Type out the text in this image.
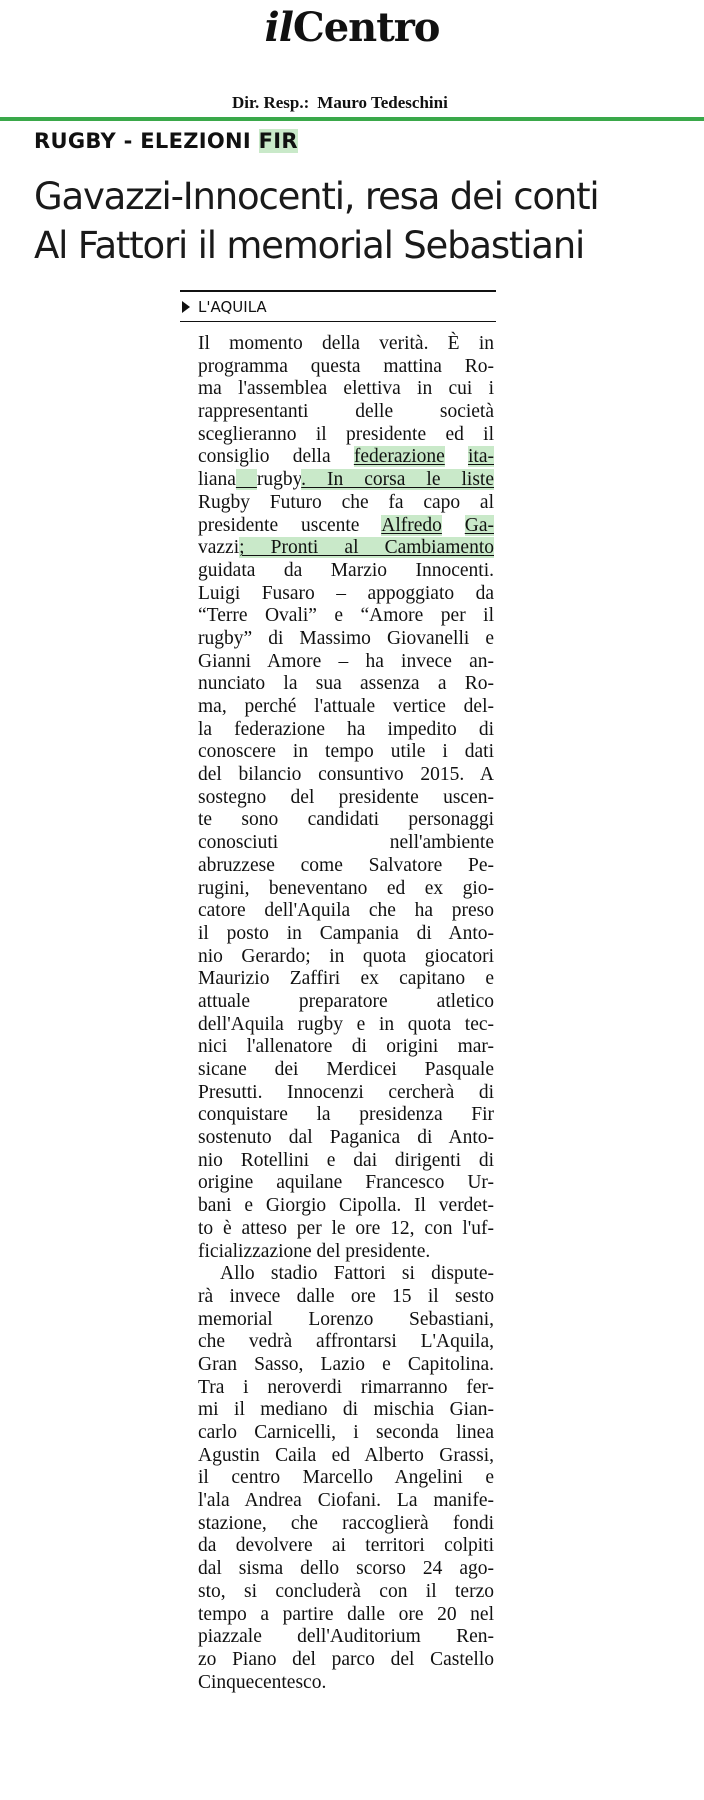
ilCentro
Dir. Resp.: Mauro Tedeschini
RUGBY - ELEZIONI FIR
Gavazzi-Innocenti, resa dei conti
Al Fattori il memorial Sebastiani
L'AQUILA
Il momento della verità. È in
programma questa mattina Ro-
ma l'assemblea elettiva in cui i
rappresentanti delle società
sceglieranno il presidente ed il
consiglio della federazione ita-
liana rugby. In corsa le liste
Rugby Futuro che fa capo al
presidente uscente Alfredo Ga-
vazzi; Pronti al Cambiamento
guidata da Marzio Innocenti.
Luigi Fusaro – appoggiato da
“Terre Ovali” e “Amore per il
rugby” di Massimo Giovanelli e
Gianni Amore – ha invece an-
nunciato la sua assenza a Ro-
ma, perché l'attuale vertice del-
la federazione ha impedito di
conoscere in tempo utile i dati
del bilancio consuntivo 2015. A
sostegno del presidente uscen-
te sono candidati personaggi
conosciuti nell'ambiente
abruzzese come Salvatore Pe-
rugini, beneventano ed ex gio-
catore dell'Aquila che ha preso
il posto in Campania di Anto-
nio Gerardo; in quota giocatori
Maurizio Zaffiri ex capitano e
attuale preparatore atletico
dell'Aquila rugby e in quota tec-
nici l'allenatore di origini mar-
sicane dei Merdicei Pasquale
Presutti. Innocenzi cercherà di
conquistare la presidenza Fir
sostenuto dal Paganica di Anto-
nio Rotellini e dai dirigenti di
origine aquilane Francesco Ur-
bani e Giorgio Cipolla. Il verdet-
to è atteso per le ore 12, con l'uf-
ficializzazione del presidente.
Allo stadio Fattori si disputе-
rà invece dalle ore 15 il sesto
memorial Lorenzo Sebastiani,
che vedrà affrontarsi L'Aquila,
Gran Sasso, Lazio e Capitolina.
Tra i neroverdi rimarranno fer-
mi il mediano di mischia Gian-
carlo Carnicelli, i seconda linea
Agustin Caila ed Alberto Grassi,
il centro Marcello Angelini e
l'ala Andrea Ciofani. La manife-
stazione, che raccoglierà fondi
da devolvere ai territori colpiti
dal sisma dello scorso 24 ago-
sto, si concluderà con il terzo
tempo a partire dalle ore 20 nel
piazzale dell'Auditorium Ren-
zo Piano del parco del Castello
Cinquecentesco.
